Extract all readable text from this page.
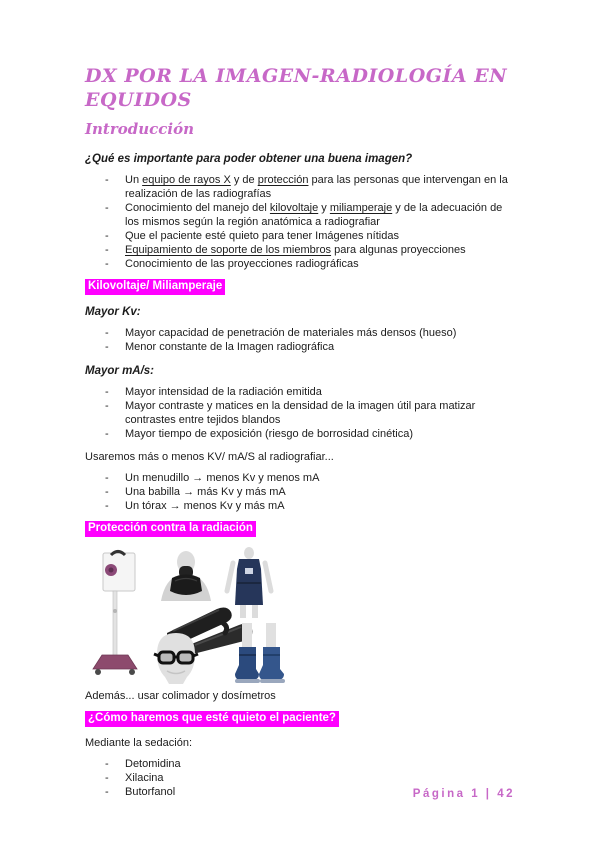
DX POR LA IMAGEN-RADIOLOGÍA EN EQUIDOS
Introducción
¿Qué es importante para poder obtener una buena imagen?
- Un equipo de rayos X y de protección para las personas que intervengan en la realización de las radiografías
- Conocimiento del manejo del kilovoltaje y miliamperaje y de la adecuación de los mismos según la región anatómica a radiografiar
- Que el paciente esté quieto para tener Imágenes nítidas
- Equipamiento de soporte de los miembros para algunas proyecciones
- Conocimiento de las proyecciones radiográficas
Kilovoltaje/ Miliamperaje
Mayor Kv:
- Mayor capacidad de penetración de materiales más densos (hueso)
- Menor constante de la Imagen radiográfica
Mayor mA/s:
- Mayor intensidad de la radiación emitida
- Mayor contraste y matices en la densidad de la imagen útil para matizar contrastes entre tejidos blandos
- Mayor tiempo de exposición (riesgo de borrosidad cinética)

Usaremos más o menos KV/ mA/S al radiografiar...

- Un menudillo → menos Kv y menos mA
- Una babilla → más Kv y más mA
- Un tórax → menos Kv y más mA
Protección contra la radiación

Además... usar colimador y dosímetros

¿Cómo haremos que esté quieto el paciente?

Mediante la sedación:

- Detomidina
- Xilacina
- Butorfanol	Página 1 | 42
